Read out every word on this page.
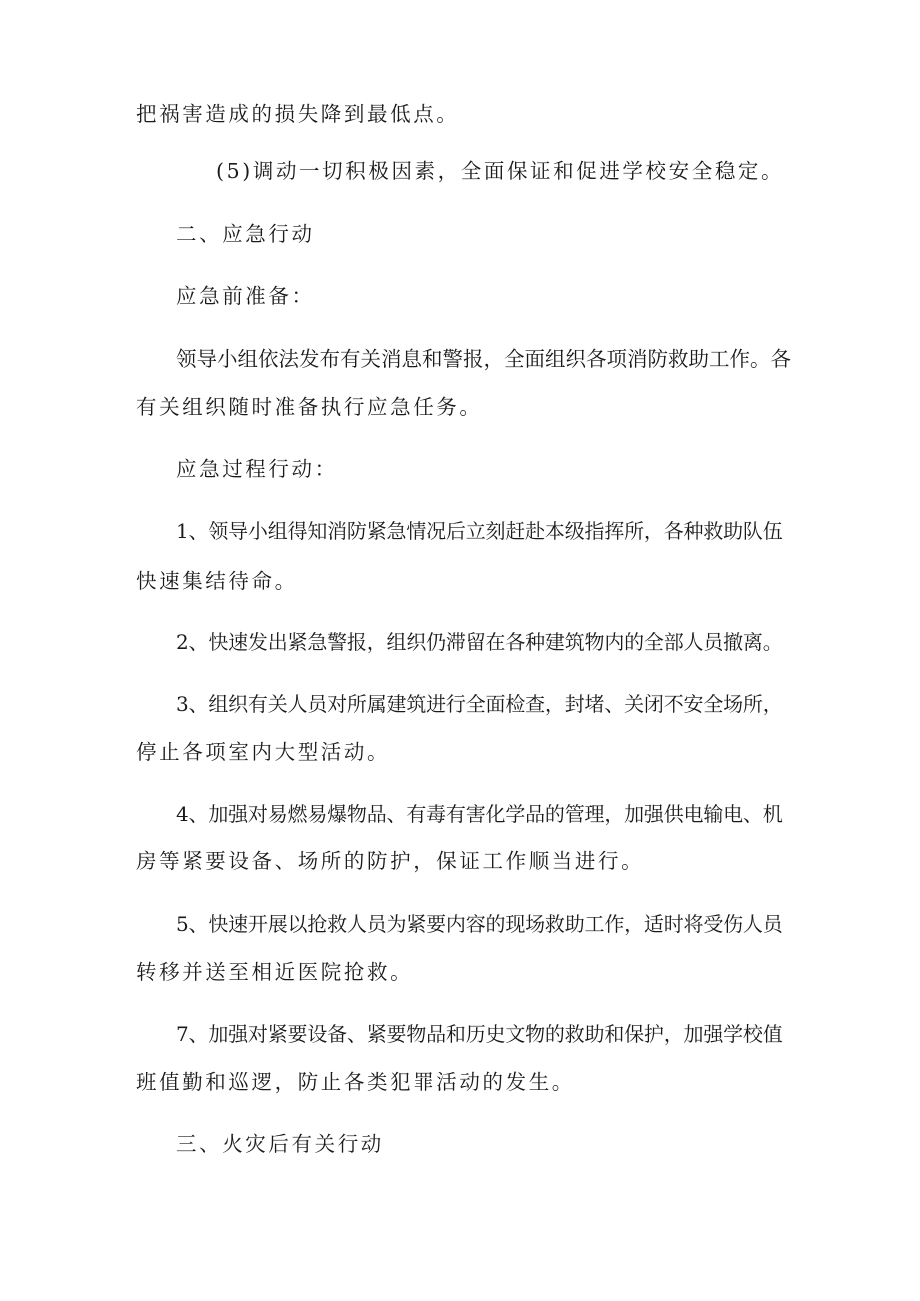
把祸害造成的损失降到最低点。
(5)调动一切积极因素，全面保证和促进学校安全稳定。
二、应急行动
应急前准备：
领导小组依法发布有关消息和警报，全面组织各项消防救助工作。各
有关组织随时准备执行应急任务。
应急过程行动：
1、领导小组得知消防紧急情况后立刻赶赴本级指挥所，各种救助队伍
快速集结待命。
2、快速发出紧急警报，组织仍滞留在各种建筑物内的全部人员撤离。
3、组织有关人员对所属建筑进行全面检查，封堵、关闭不安全场所，
停止各项室内大型活动。
4、加强对易燃易爆物品、有毒有害化学品的管理，加强供电输电、机
房等紧要设备、场所的防护，保证工作顺当进行。
5、快速开展以抢救人员为紧要内容的现场救助工作，适时将受伤人员
转移并送至相近医院抢救。
7、加强对紧要设备、紧要物品和历史文物的救助和保护，加强学校值
班值勤和巡逻，防止各类犯罪活动的发生。
三、火灾后有关行动
